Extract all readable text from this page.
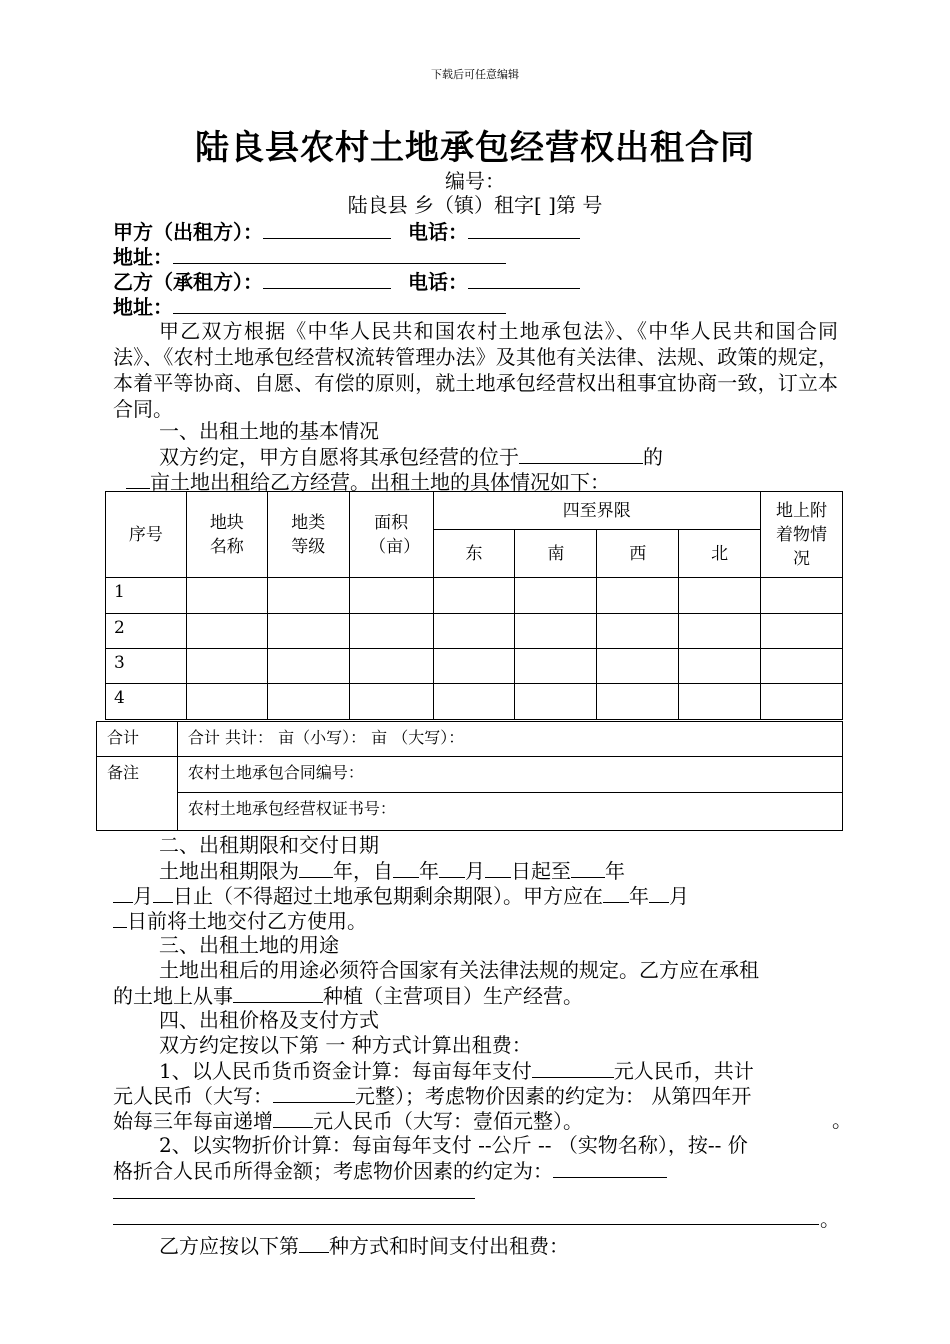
下载后可任意编辑
陆良县农村土地承包经营权出租合同
编号：
陆良县 乡（镇）租字[ ]第 号
甲方（出租方）：	电话：
地址：
乙方（承租方）：	电话：
地址：
甲乙双方根据《中华人民共和国农村土地承包法》、《中华人民共和国合同法》、《农村土地承包经营权流转管理办法》及其他有关法律、法规、政策的规定，本着平等协商、自愿、有偿的原则，就土地承包经营权出租事宜协商一致，订立本合同。
一、出租土地的基本情况
双方约定，甲方自愿将其承包经营的位于	的
亩土地出租给乙方经营。出租土地的具体情况如下：
序号	地块名称	地类等级	面积（亩）	四至界限				地上附着物情况

				东	南	西	北	
1								
2								
3								
4								
合计	合计 共计： 亩（小写）： 亩 （大写）：
备注	农村土地承包合同编号：
	农村土地承包经营权证书号：
二、出租期限和交付日期
土地出租期限为 年，自 年 月 日起至 年
月 日止（不得超过土地承包期剩余期限）。甲方应在 年 月
日前将土地交付乙方使用。
三、出租土地的用途
土地出租后的用途必须符合国家有关法律法规的规定。乙方应在承租
的土地上从事	种植（主营项目）生产经营。
四、出租价格及支付方式
双方约定按以下第 一 种方式计算出租费：
1、以人民币货币资金计算：每亩每年支付	元人民币，共计
元人民币（大写：	元整）；考虑物价因素的约定为： 从第四年开
始每三年每亩递增 元人民币（大写：壹佰元整）。	。
2、以实物折价计算：每亩每年支付 --公斤 -- （实物名称），按-- 价
格折合人民币所得金额；考虑物价因素的约定为：
。
乙方应按以下第 种方式和时间支付出租费：
